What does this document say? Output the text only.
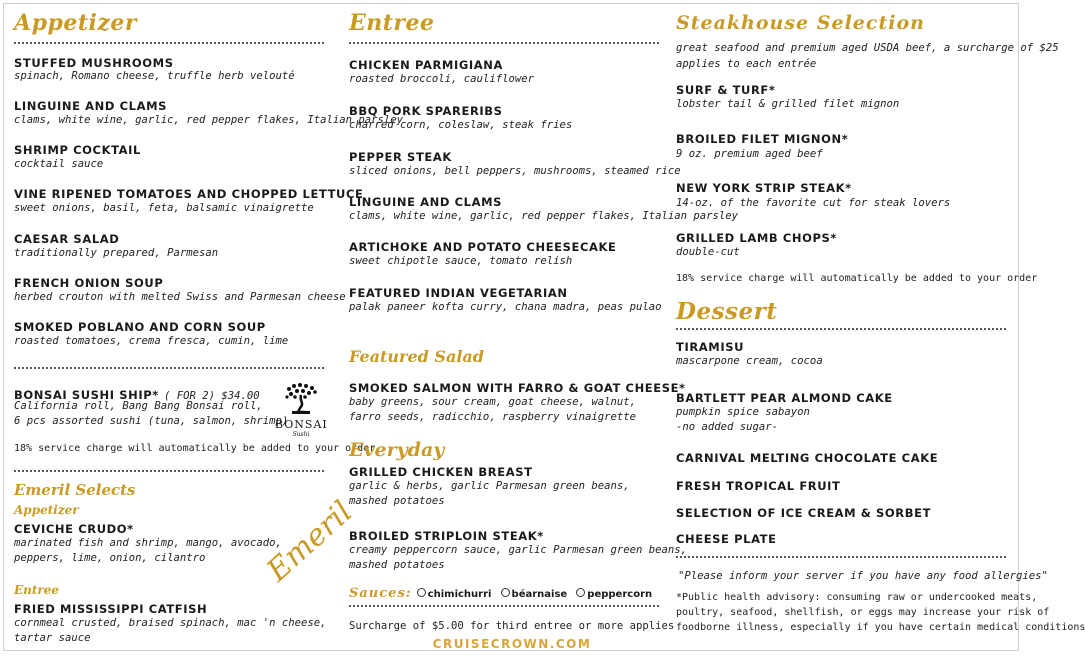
Appetizer
STUFFED MUSHROOMS
spinach, Romano cheese, truffle herb velouté
LINGUINE AND CLAMS
clams, white wine, garlic, red pepper flakes, Italian parsley
SHRIMP COCKTAIL
cocktail sauce
VINE RIPENED TOMATOES AND CHOPPED LETTUCE
sweet onions, basil, feta, balsamic vinaigrette
CAESAR SALAD
traditionally prepared, Parmesan
FRENCH ONION SOUP
herbed crouton with melted Swiss and Parmesan cheese
SMOKED POBLANO AND CORN SOUP
roasted tomatoes, crema fresca, cumin, lime
BONSAI SUSHI SHIP* ( FOR 2) $34.00
California roll, Bang Bang Bonsai roll,
6 pcs assorted sushi (tuna, salmon, shrimp)
18% service charge will automatically be added to your order
Emeril Selects
Appetizer
CEVICHE CRUDO*
marinated fish and shrimp, mango, avocado,
peppers, lime, onion, cilantro
Entree
FRIED MISSISSIPPI CATFISH
cornmeal crusted, braised spinach, mac 'n cheese,
tartar sauce
BONSAI
Sushi
Emeril
Entree
CHICKEN PARMIGIANA
roasted broccoli, cauliflower
BBQ PORK SPARERIBS
charred corn, coleslaw, steak fries
PEPPER STEAK
sliced onions, bell peppers, mushrooms, steamed rice
LINGUINE AND CLAMS
clams, white wine, garlic, red pepper flakes, Italian parsley
ARTICHOKE AND POTATO CHEESECAKE
sweet chipotle sauce, tomato relish
FEATURED INDIAN VEGETARIAN
palak paneer kofta curry, chana madra, peas pulao
Featured Salad
SMOKED SALMON WITH FARRO & GOAT CHEESE*
baby greens, sour cream, goat cheese, walnut,
farro seeds, radicchio, raspberry vinaigrette
Everyday
GRILLED CHICKEN BREAST
garlic & herbs, garlic Parmesan green beans,
mashed potatoes
BROILED STRIPLOIN STEAK*
creamy peppercorn sauce, garlic Parmesan green beans,
mashed potatoes
Sauces: chimichurri béarnaise peppercorn
Surcharge of $5.00 for third entree or more applies
Steakhouse Selection
great seafood and premium aged USDA beef, a surcharge of $25
applies to each entrée
SURF & TURF*
lobster tail & grilled filet mignon
BROILED FILET MIGNON*
9 oz. premium aged beef
NEW YORK STRIP STEAK*
14-oz. of the favorite cut for steak lovers
GRILLED LAMB CHOPS*
double-cut
18% service charge will automatically be added to your order
Dessert
TIRAMISU
mascarpone cream, cocoa
BARTLETT PEAR ALMOND CAKE
pumpkin spice sabayon
-no added sugar-
CARNIVAL MELTING CHOCOLATE CAKE
FRESH TROPICAL FRUIT
SELECTION OF ICE CREAM & SORBET
CHEESE PLATE
"Please inform your server if you have any food allergies"
*Public health advisory: consuming raw or undercooked meats,
poultry, seafood, shellfish, or eggs may increase your risk of
foodborne illness, especially if you have certain medical conditions
CRUISECROWN.COM
